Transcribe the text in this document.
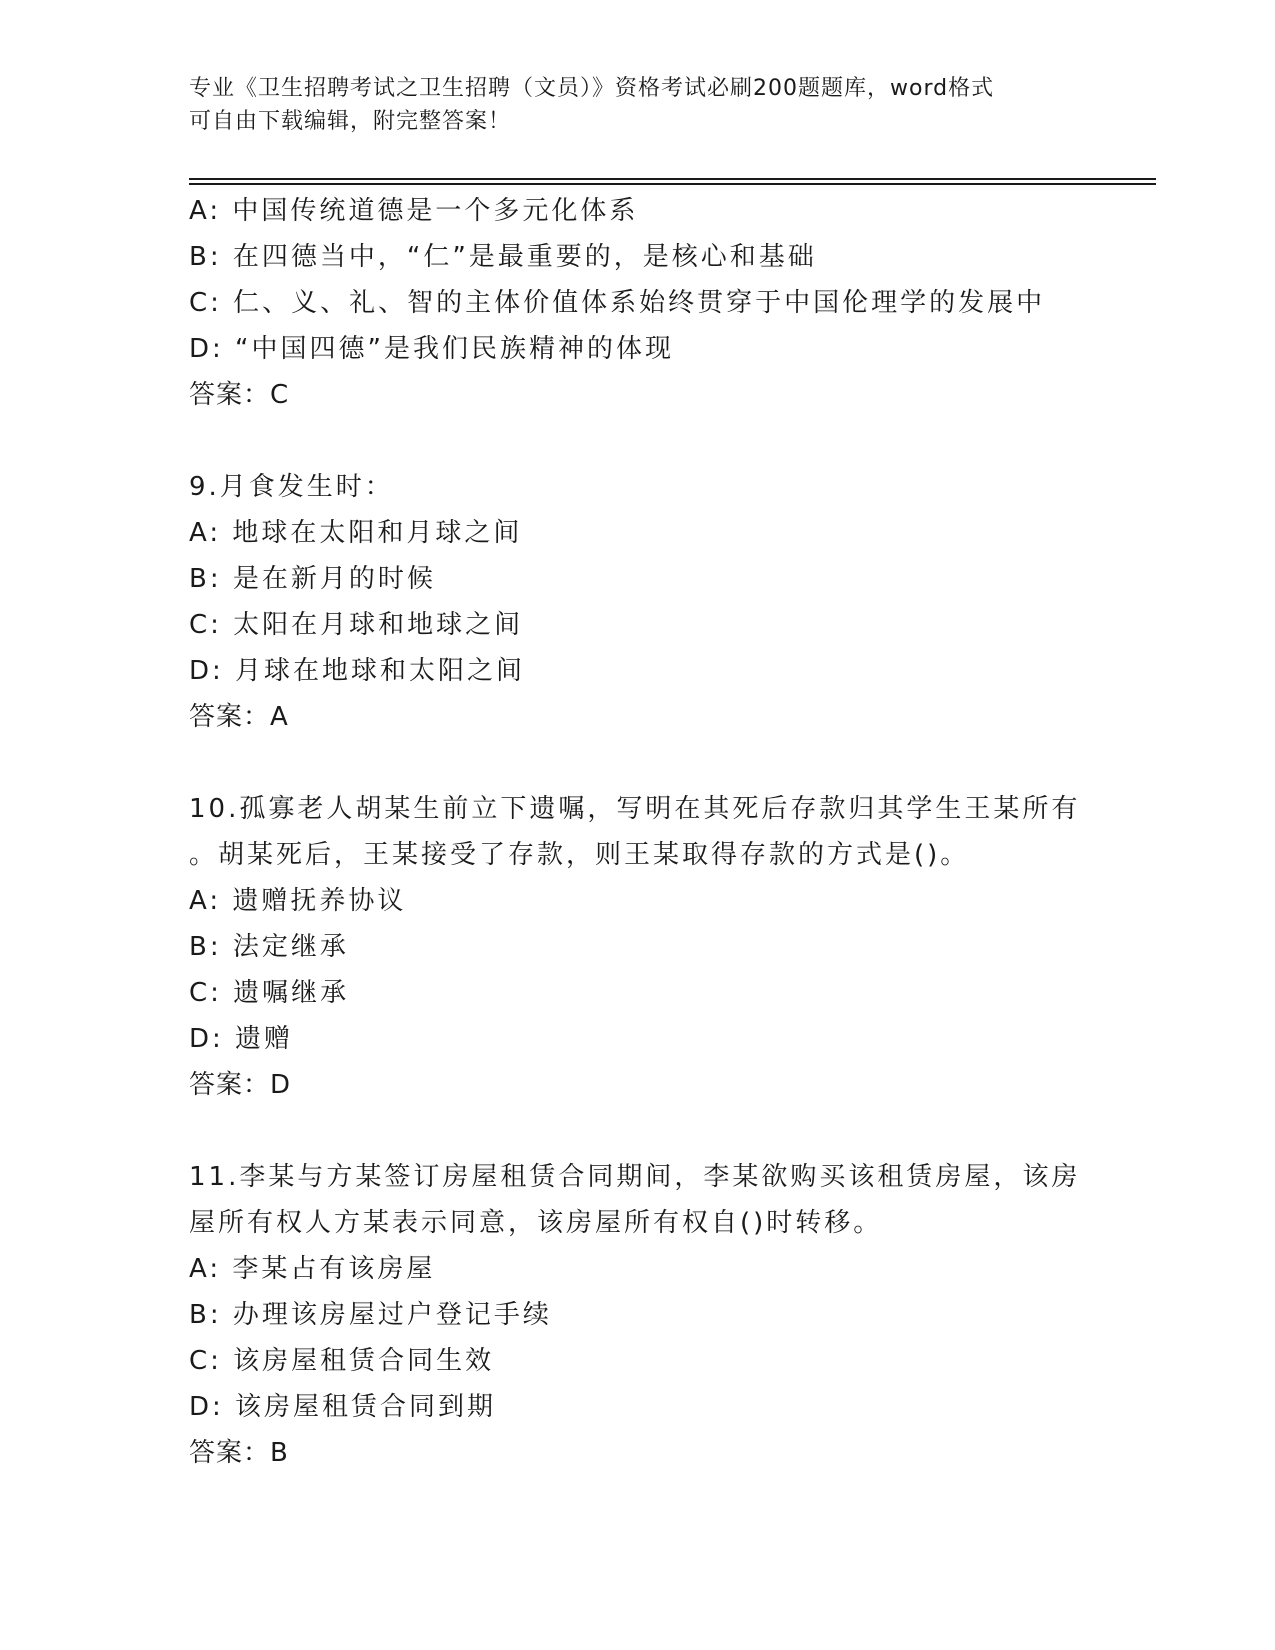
专业《卫生招聘考试之卫生招聘（文员）》资格考试必刷200题题库，word格式
可自由下载编辑，附完整答案！
A: 中国传统道德是一个多元化体系
B: 在四德当中，“仁”是最重要的，是核心和基础
C: 仁、义、礼、智的主体价值体系始终贯穿于中国伦理学的发展中
D: “中国四德”是我们民族精神的体现
答案：C
9.月食发生时：
A: 地球在太阳和月球之间
B: 是在新月的时候
C: 太阳在月球和地球之间
D: 月球在地球和太阳之间
答案：A
10.孤寡老人胡某生前立下遗嘱，写明在其死后存款归其学生王某所有
。胡某死后，王某接受了存款，则王某取得存款的方式是()。
A: 遗赠抚养协议
B: 法定继承
C: 遗嘱继承
D: 遗赠
答案：D
11.李某与方某签订房屋租赁合同期间，李某欲购买该租赁房屋，该房
屋所有权人方某表示同意，该房屋所有权自()时转移。
A: 李某占有该房屋
B: 办理该房屋过户登记手续
C: 该房屋租赁合同生效
D: 该房屋租赁合同到期
答案：B
